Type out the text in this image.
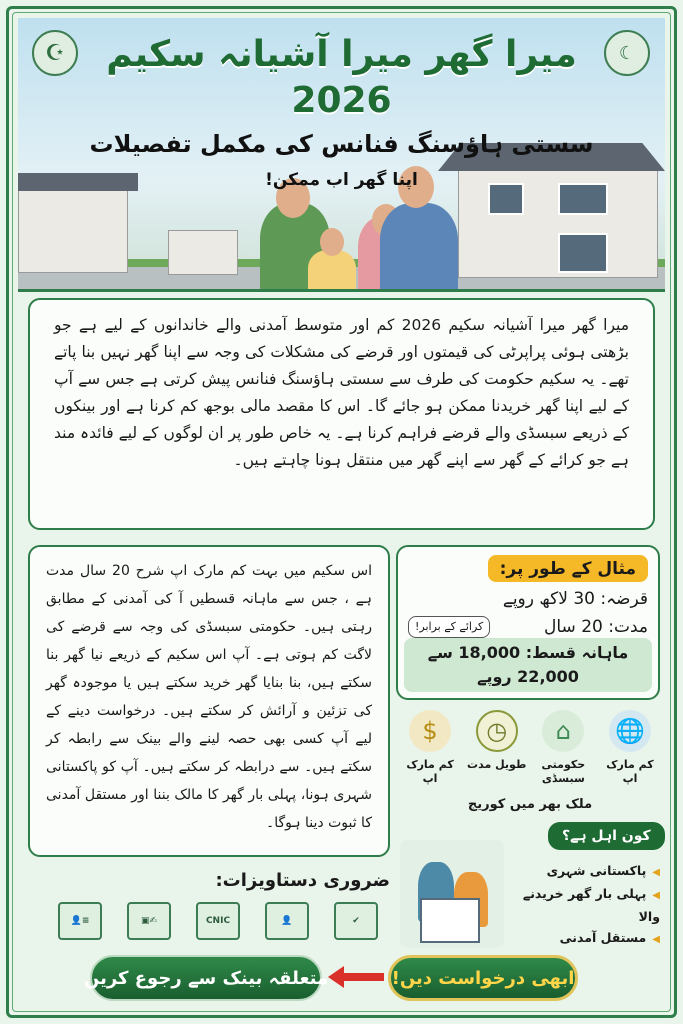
☪	☾
میرا گھر میرا آشیانہ سکیم 2026
سستی ہاؤسنگ فنانس کی مکمل تفصیلات
اپنا گھر اب ممکن!
میرا گھر میرا آشیانہ سکیم 2026 کم اور متوسط آمدنی والے خاندانوں کے لیے ہے جو بڑھتی ہوئی پراپرٹی کی قیمتوں اور قرضے کی مشکلات کی وجہ سے اپنا گھر نہیں بنا پاتے تھے۔ یہ سکیم حکومت کی طرف سے سستی ہاؤسنگ فنانس پیش کرتی ہے جس سے آپ کے لیے اپنا گھر خریدنا ممکن ہو جائے گا۔ اس کا مقصد مالی بوجھ کم کرنا ہے اور بینکوں کے ذریعے سبسڈی والے قرضے فراہم کرنا ہے۔ یہ خاص طور پر ان لوگوں کے لیے فائدہ مند ہے جو کرائے کے گھر سے اپنے گھر میں منتقل ہونا چاہتے ہیں۔
اس سکیم میں بہت کم مارک اپ شرح 20 سال مدت ہے ، جس سے ماہانہ قسطیں آ کی آمدنی کے مطابق رہتی ہیں۔ حکومتی سبسڈی کی وجہ سے قرضے کی لاگت کم ہوتی ہے۔ آپ اس سکیم کے ذریعے نیا گھر بنا سکتے ہیں، بنا بنایا گھر خرید سکتے ہیں یا موجودہ گھر کی تزئین و آرائش کر سکتے ہیں۔ درخواست دینے کے لیے آپ کسی بھی حصہ لینے والے بینک سے رابطہ کر سکتے ہیں۔ سے درابطہ کر سکتے ہیں۔ آپ کو پاکستانی شہری ہونا، پہلی بار گھر کا مالک بننا اور مستقل آمدنی کا ثبوت دینا ہوگا۔
مثال کے طور پر:
قرضہ: 30 لاکھ روپے
مدت: 20 سال
کرائے کے برابر!
ماہانہ قسط: 18,000 سے 22,000 روپے
🌐
کم مارک اپ
⌂
حکومتی سبسڈی
◷
طویل مدت
$
کم مارک اپ
ملک بھر میں کوریج
ضروری دستاویزات:
👤≡	▣✍	CNIC	👤	✔
کون اہل ہے؟
◀ پاکستانی شہری
◀ پہلی بار گھر خریدنے والا
◀ مستقل آمدنی
متعلقہ بینک سے رجوع کریں	ابھی درخواست دیں!
